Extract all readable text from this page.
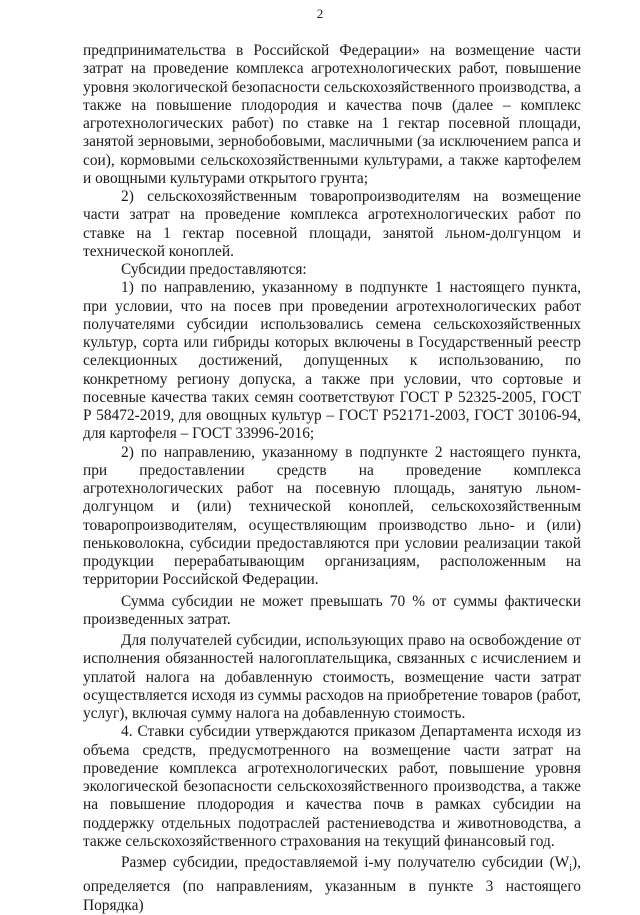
2

предпринимательства в Российской Федерации» на возмещение части затрат на проведение комплекса агротехнологических работ, повышение уровня экологической безопасности сельскохозяйственного производства, а также на повышение плодородия и качества почв (далее – комплекс агротехнологических работ) по ставке на 1 гектар посевной площади, занятой зерновыми, зернобобовыми, масличными (за исключением рапса и сои), кормовыми сельскохозяйственными культурами, а также картофелем и овощными культурами открытого грунта;

2) сельскохозяйственным товаропроизводителям на возмещение части затрат на проведение комплекса агротехнологических работ по ставке на 1 гектар посевной площади, занятой льном-долгунцом и технической коноплей.

Субсидии предоставляются:

1) по направлению, указанному в подпункте 1 настоящего пункта, при условии, что на посев при проведении агротехнологических работ получателями субсидии использовались семена сельскохозяйственных культур, сорта или гибриды которых включены в Государственный реестр селекционных достижений, допущенных к использованию, по конкретному региону допуска, а также при условии, что сортовые и посевные качества таких семян соответствуют ГОСТ Р 52325-2005, ГОСТ Р 58472-2019, для овощных культур – ГОСТ Р52171-2003, ГОСТ 30106-94, для картофеля – ГОСТ 33996-2016;

2) по направлению, указанному в подпункте 2 настоящего пункта, при предоставлении средств на проведение комплекса агротехнологических работ на посевную площадь, занятую льном-долгунцом и (или) технической коноплей, сельскохозяйственным товаропроизводителям, осуществляющим производство льно- и (или) пеньковолокна, субсидии предоставляются при условии реализации такой продукции перерабатывающим организациям, расположенным на территории Российской Федерации.

Сумма субсидии не может превышать 70 % от суммы фактически произведенных затрат.

Для получателей субсидии, использующих право на освобождение от исполнения обязанностей налогоплательщика, связанных с исчислением и уплатой налога на добавленную стоимость, возмещение части затрат осуществляется исходя из суммы расходов на приобретение товаров (работ, услуг), включая сумму налога на добавленную стоимость.

4. Ставки субсидии утверждаются приказом Департамента исходя из объема средств, предусмотренного на возмещение части затрат на проведение комплекса агротехнологических работ, повышение уровня экологической безопасности сельскохозяйственного производства, а также на повышение плодородия и качества почв в рамках субсидии на поддержку отдельных подотраслей растениеводства и животноводства, а также сельскохозяйственного страхования на текущий финансовый год.

Размер субсидии, предоставляемой i-му получателю субсидии $(W_i)$, определяется (по направлениям, указанным в пункте 3 настоящего Порядка)
